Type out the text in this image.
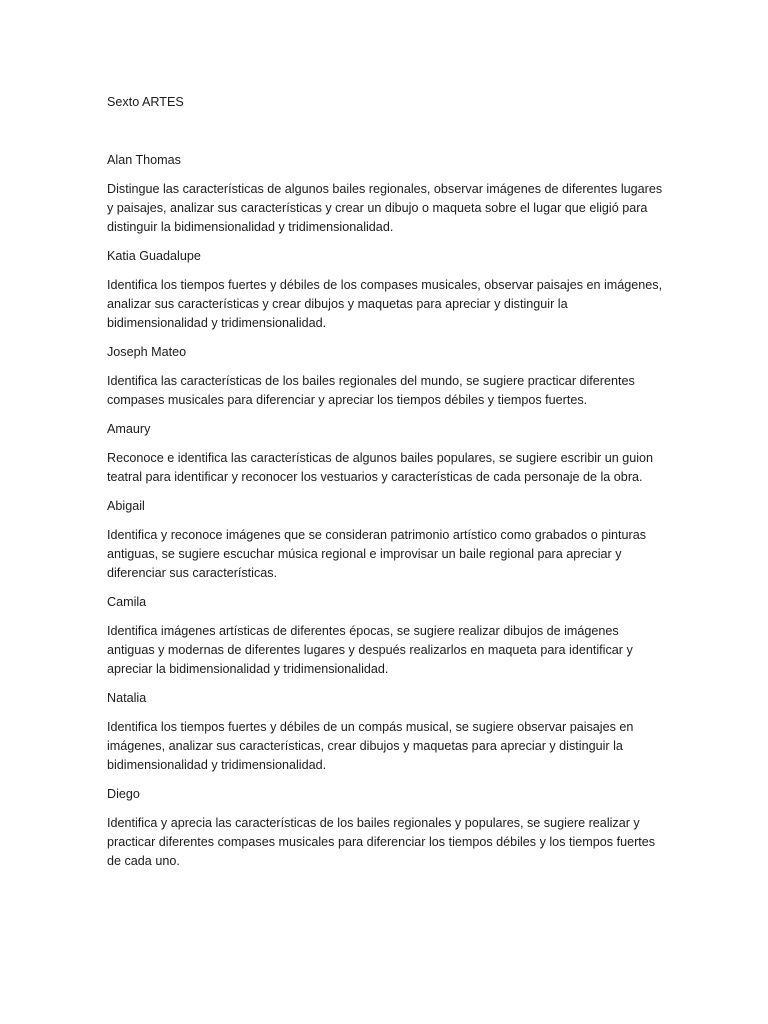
Sexto ARTES

Alan Thomas

Distingue las características de algunos bailes regionales, observar imágenes de diferentes lugares y paisajes, analizar sus características y crear un dibujo o maqueta sobre el lugar que eligió para distinguir la bidimensionalidad y tridimensionalidad.

Katia Guadalupe

Identifica los tiempos fuertes y débiles de los compases musicales, observar paisajes en imágenes, analizar sus características y crear dibujos y maquetas para apreciar y distinguir la bidimensionalidad y tridimensionalidad.

Joseph Mateo

Identifica las características de los bailes regionales del mundo, se sugiere practicar diferentes compases musicales para diferenciar y apreciar los tiempos débiles y tiempos fuertes.

Amaury

Reconoce e identifica las características de algunos bailes populares, se sugiere escribir un guion teatral para identificar y reconocer los vestuarios y características de cada personaje de la obra.

Abigail

Identifica y reconoce imágenes que se consideran patrimonio artístico como grabados o pinturas antiguas, se sugiere escuchar música regional e improvisar un baile regional para apreciar y diferenciar sus características.

Camila

Identifica imágenes artísticas de diferentes épocas, se sugiere realizar dibujos de imágenes antiguas y modernas de diferentes lugares y después realizarlos en maqueta para identificar y apreciar la bidimensionalidad y tridimensionalidad.

Natalia

Identifica los tiempos fuertes y débiles de un compás musical, se sugiere observar paisajes en imágenes, analizar sus características, crear dibujos y maquetas para apreciar y distinguir la bidimensionalidad y tridimensionalidad.

Diego

Identifica y aprecia las características de los bailes regionales y populares, se sugiere realizar y practicar diferentes compases musicales para diferenciar los tiempos débiles y los tiempos fuertes de cada uno.
